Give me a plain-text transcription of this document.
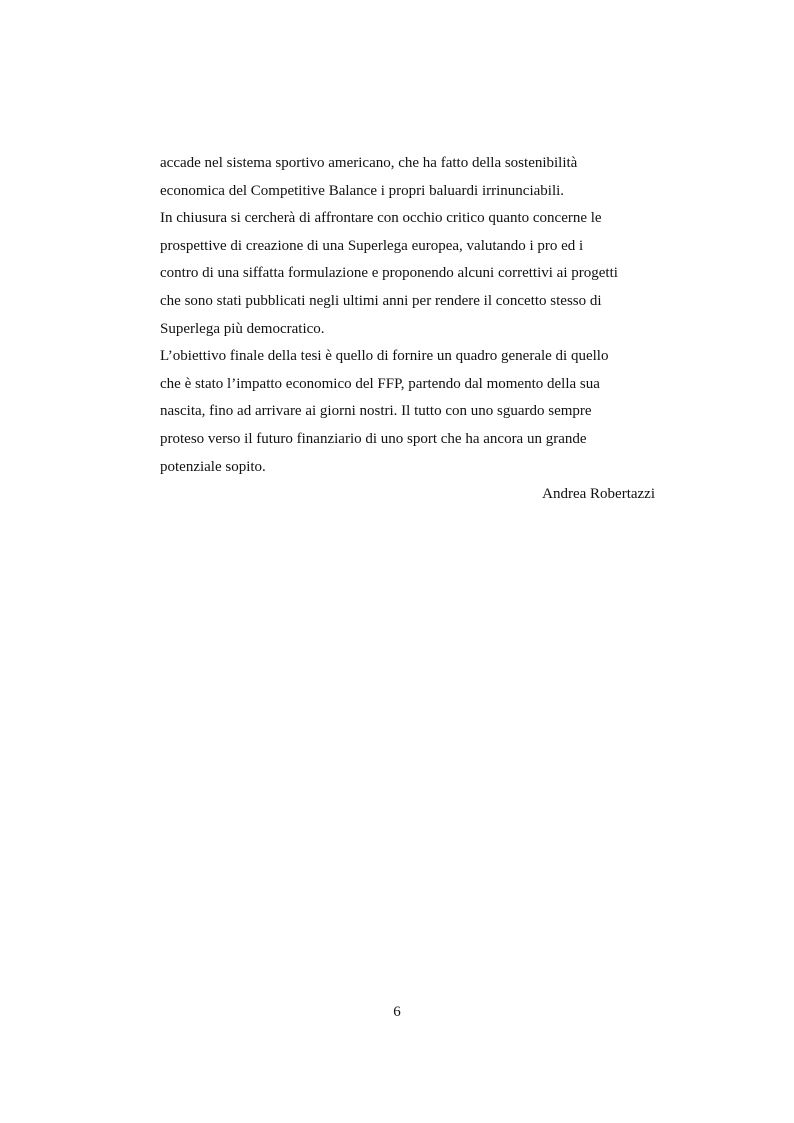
accade nel sistema sportivo americano, che ha fatto della sostenibilità
economica del Competitive Balance i propri baluardi irrinunciabili.
In chiusura si cercherà di affrontare con occhio critico quanto concerne le
prospettive di creazione di una Superlega europea, valutando i pro ed i
contro di una siffatta formulazione e proponendo alcuni correttivi ai progetti
che sono stati pubblicati negli ultimi anni per rendere il concetto stesso di
Superlega più democratico.
L’obiettivo finale della tesi è quello di fornire un quadro generale di quello
che è stato l’impatto economico del FFP, partendo dal momento della sua
nascita, fino ad arrivare ai giorni nostri. Il tutto con uno sguardo sempre
proteso verso il futuro finanziario di uno sport che ha ancora un grande
potenziale sopito.
Andrea Robertazzi
6
